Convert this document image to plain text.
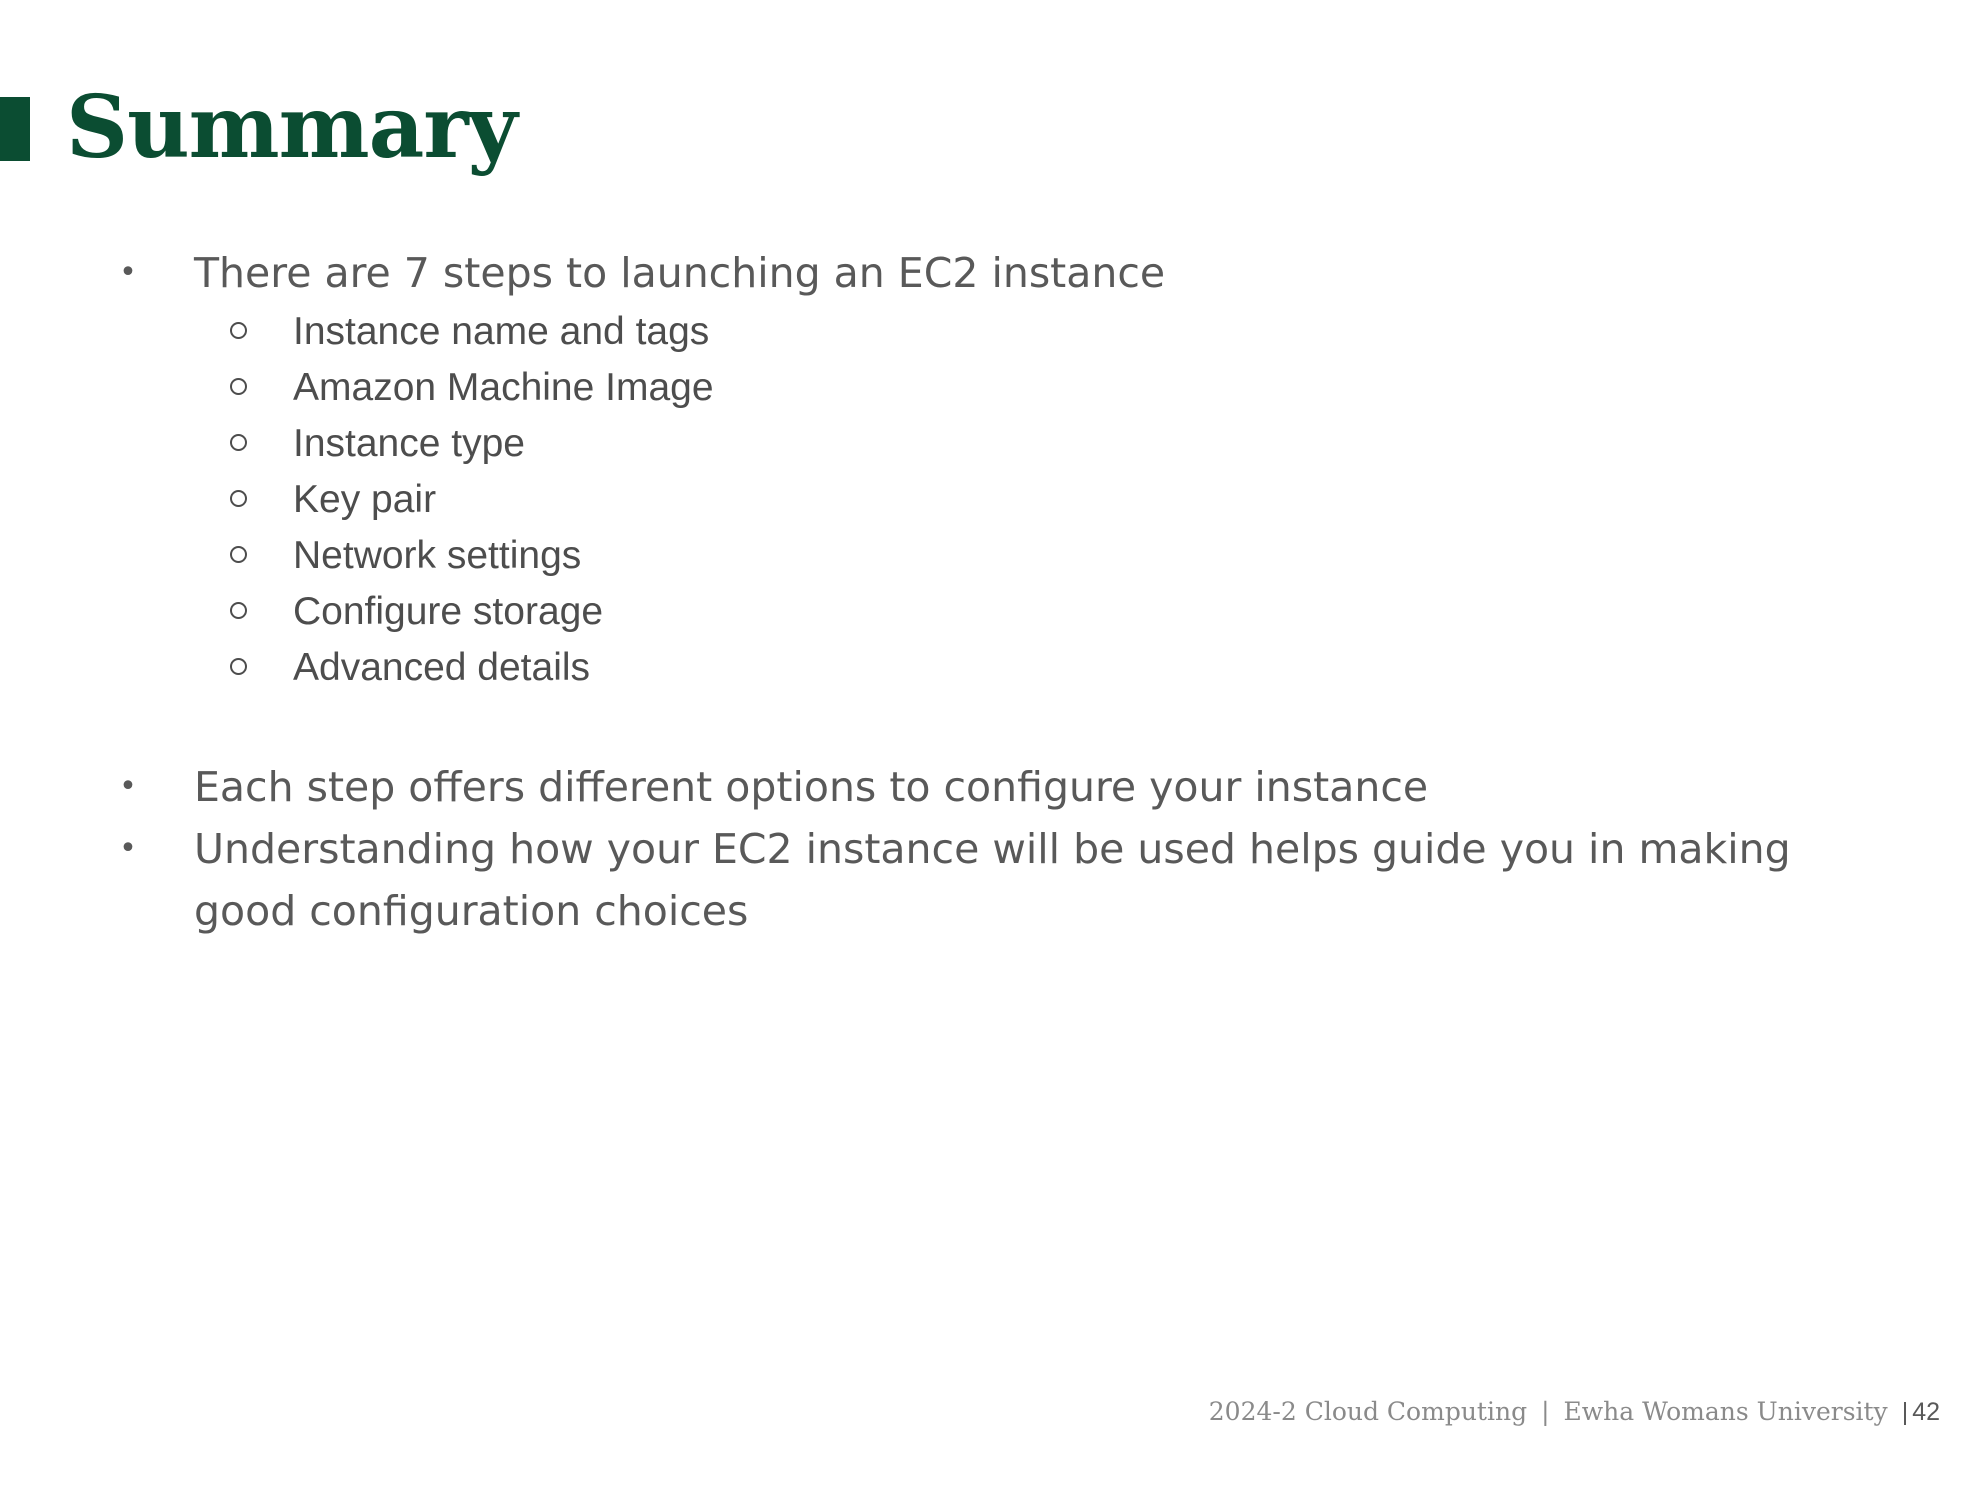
Summary
• There are 7 steps to launching an EC2 instance
Instance name and tags
Amazon Machine Image
Instance type
Key pair
Network settings
Configure storage
Advanced details
• Each step offers different options to configure your instance
• Understanding how your EC2 instance will be used helps guide you in making good configuration choices
2024-2 Cloud Computing | Ewha Womans University | 42
